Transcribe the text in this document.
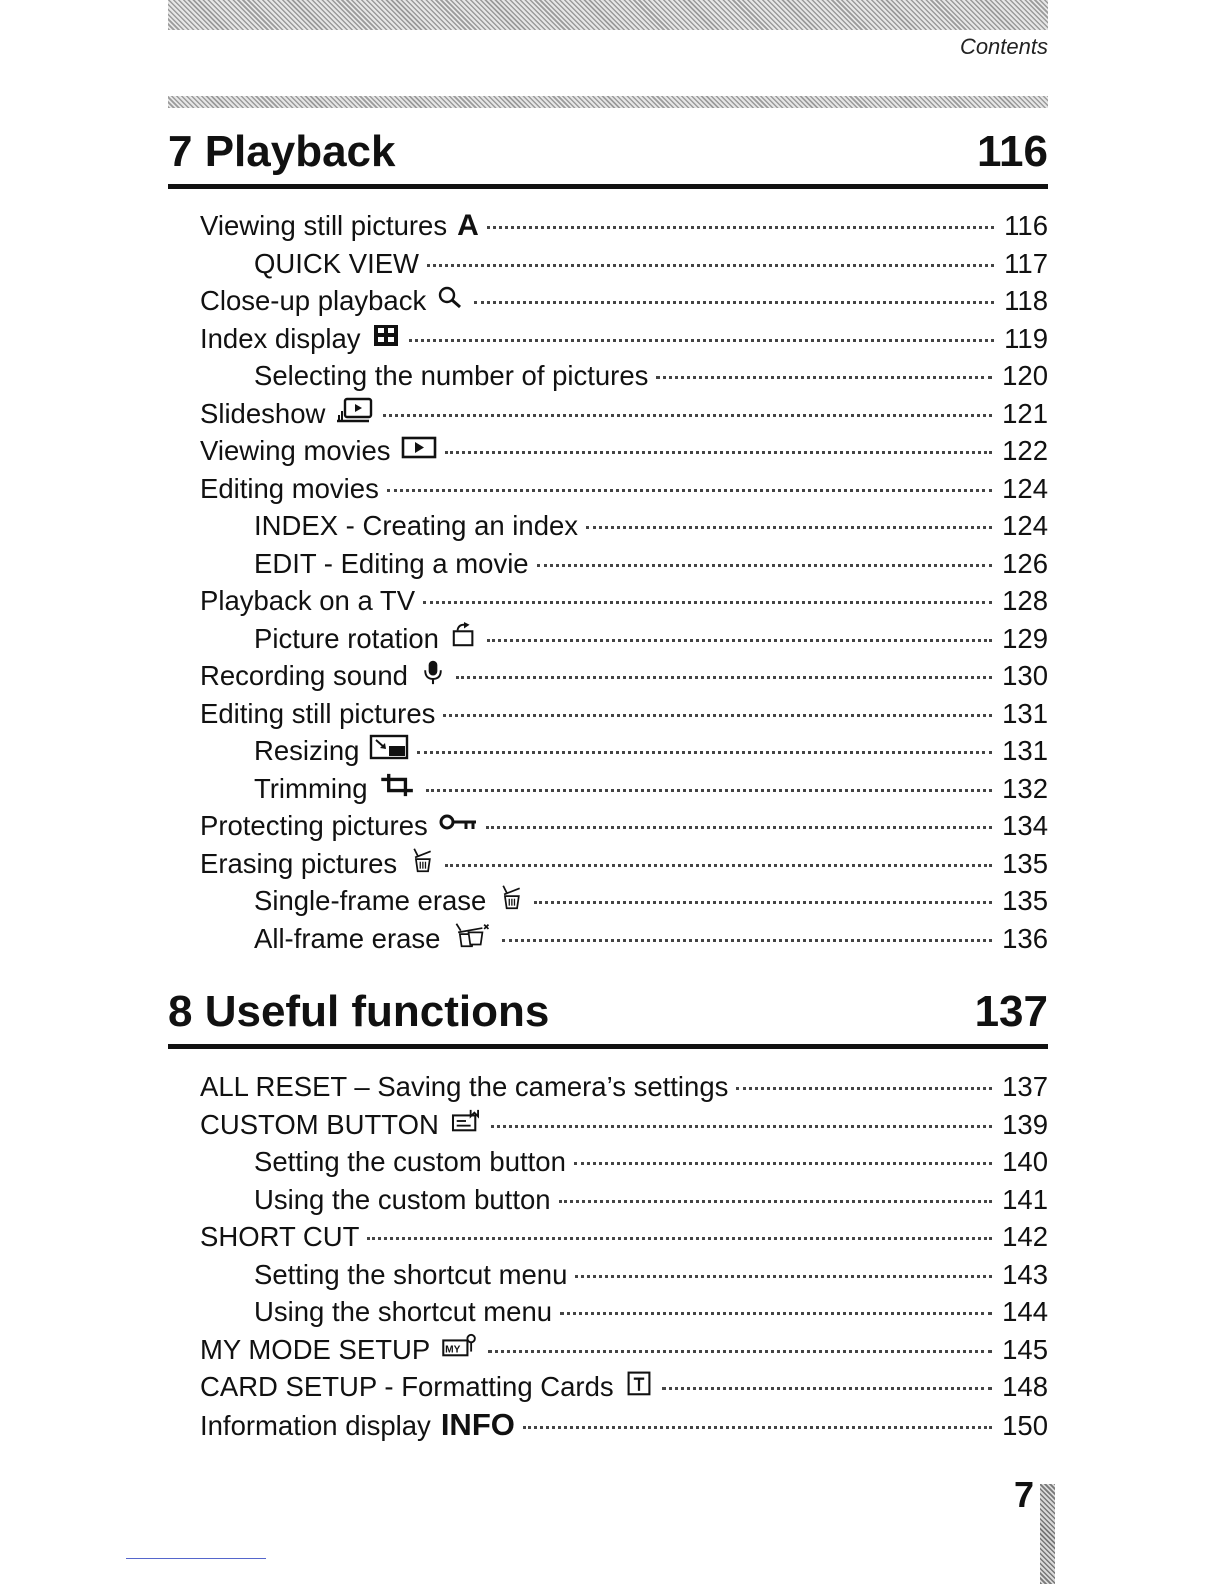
Contents
7 Playback	116
Viewing still pictures A	116
QUICK VIEW	117
Close-up playback	118
Index display	119
Selecting the number of pictures	120
Slideshow	121
Viewing movies	122
Editing movies	124
INDEX - Creating an index	124
EDIT - Editing a movie	126
Playback on a TV	128
Picture rotation	129
Recording sound	130
Editing still pictures	131
Resizing	131
Trimming	132
Protecting pictures	134
Erasing pictures	135
Single-frame erase	135
All-frame erase	136
8 Useful functions	137
ALL RESET – Saving the camera’s settings	137
CUSTOM BUTTON	139
Setting the custom button	140
Using the custom button	141
SHORT CUT	142
Setting the shortcut menu	143
Using the shortcut menu	144
MY MODE SETUP MY	145
CARD SETUP - Formatting Cards	148
Information display INFO	150
7
